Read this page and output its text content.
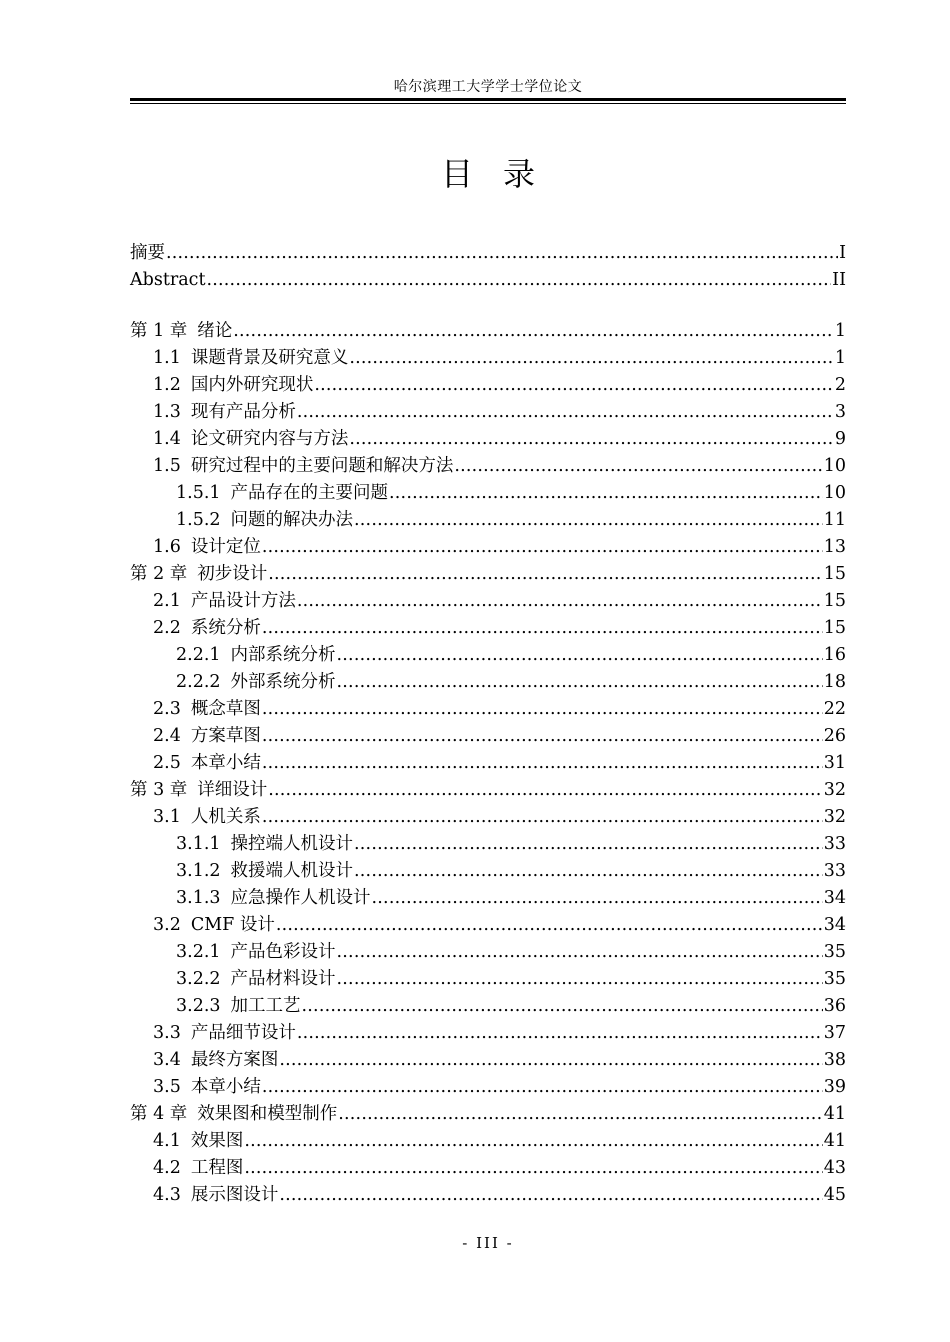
哈尔滨理工大学学士学位论文
目录
摘要 .....	I
Abstract .....	II
第 1 章 绪论 .....	1
1.1 课题背景及研究意义 .....	1
1.2 国内外研究现状 .....	2
1.3 现有产品分析 .....	3
1.4 论文研究内容与方法 .....	9
1.5 研究过程中的主要问题和解决方法 .....	10
1.5.1 产品存在的主要问题 .....	10
1.5.2 问题的解决办法 .....	11
1.6 设计定位 .....	13
第 2 章 初步设计 .....	15
2.1 产品设计方法 .....	15
2.2 系统分析 .....	15
2.2.1 内部系统分析 .....	16
2.2.2 外部系统分析 .....	18
2.3 概念草图 .....	22
2.4 方案草图 .....	26
2.5 本章小结 .....	31
第 3 章 详细设计 .....	32
3.1 人机关系 .....	32
3.1.1 操控端人机设计 .....	33
3.1.2 救援端人机设计 .....	33
3.1.3 应急操作人机设计 .....	34
3.2 CMF 设计 .....	34
3.2.1 产品色彩设计 .....	35
3.2.2 产品材料设计 .....	35
3.2.3 加工工艺 .....	36
3.3 产品细节设计 .....	37
3.4 最终方案图 .....	38
3.5 本章小结 .....	39
第 4 章 效果图和模型制作 .....	41
4.1 效果图 .....	41
4.2 工程图 .....	43
4.3 展示图设计 .....	45
- III -
